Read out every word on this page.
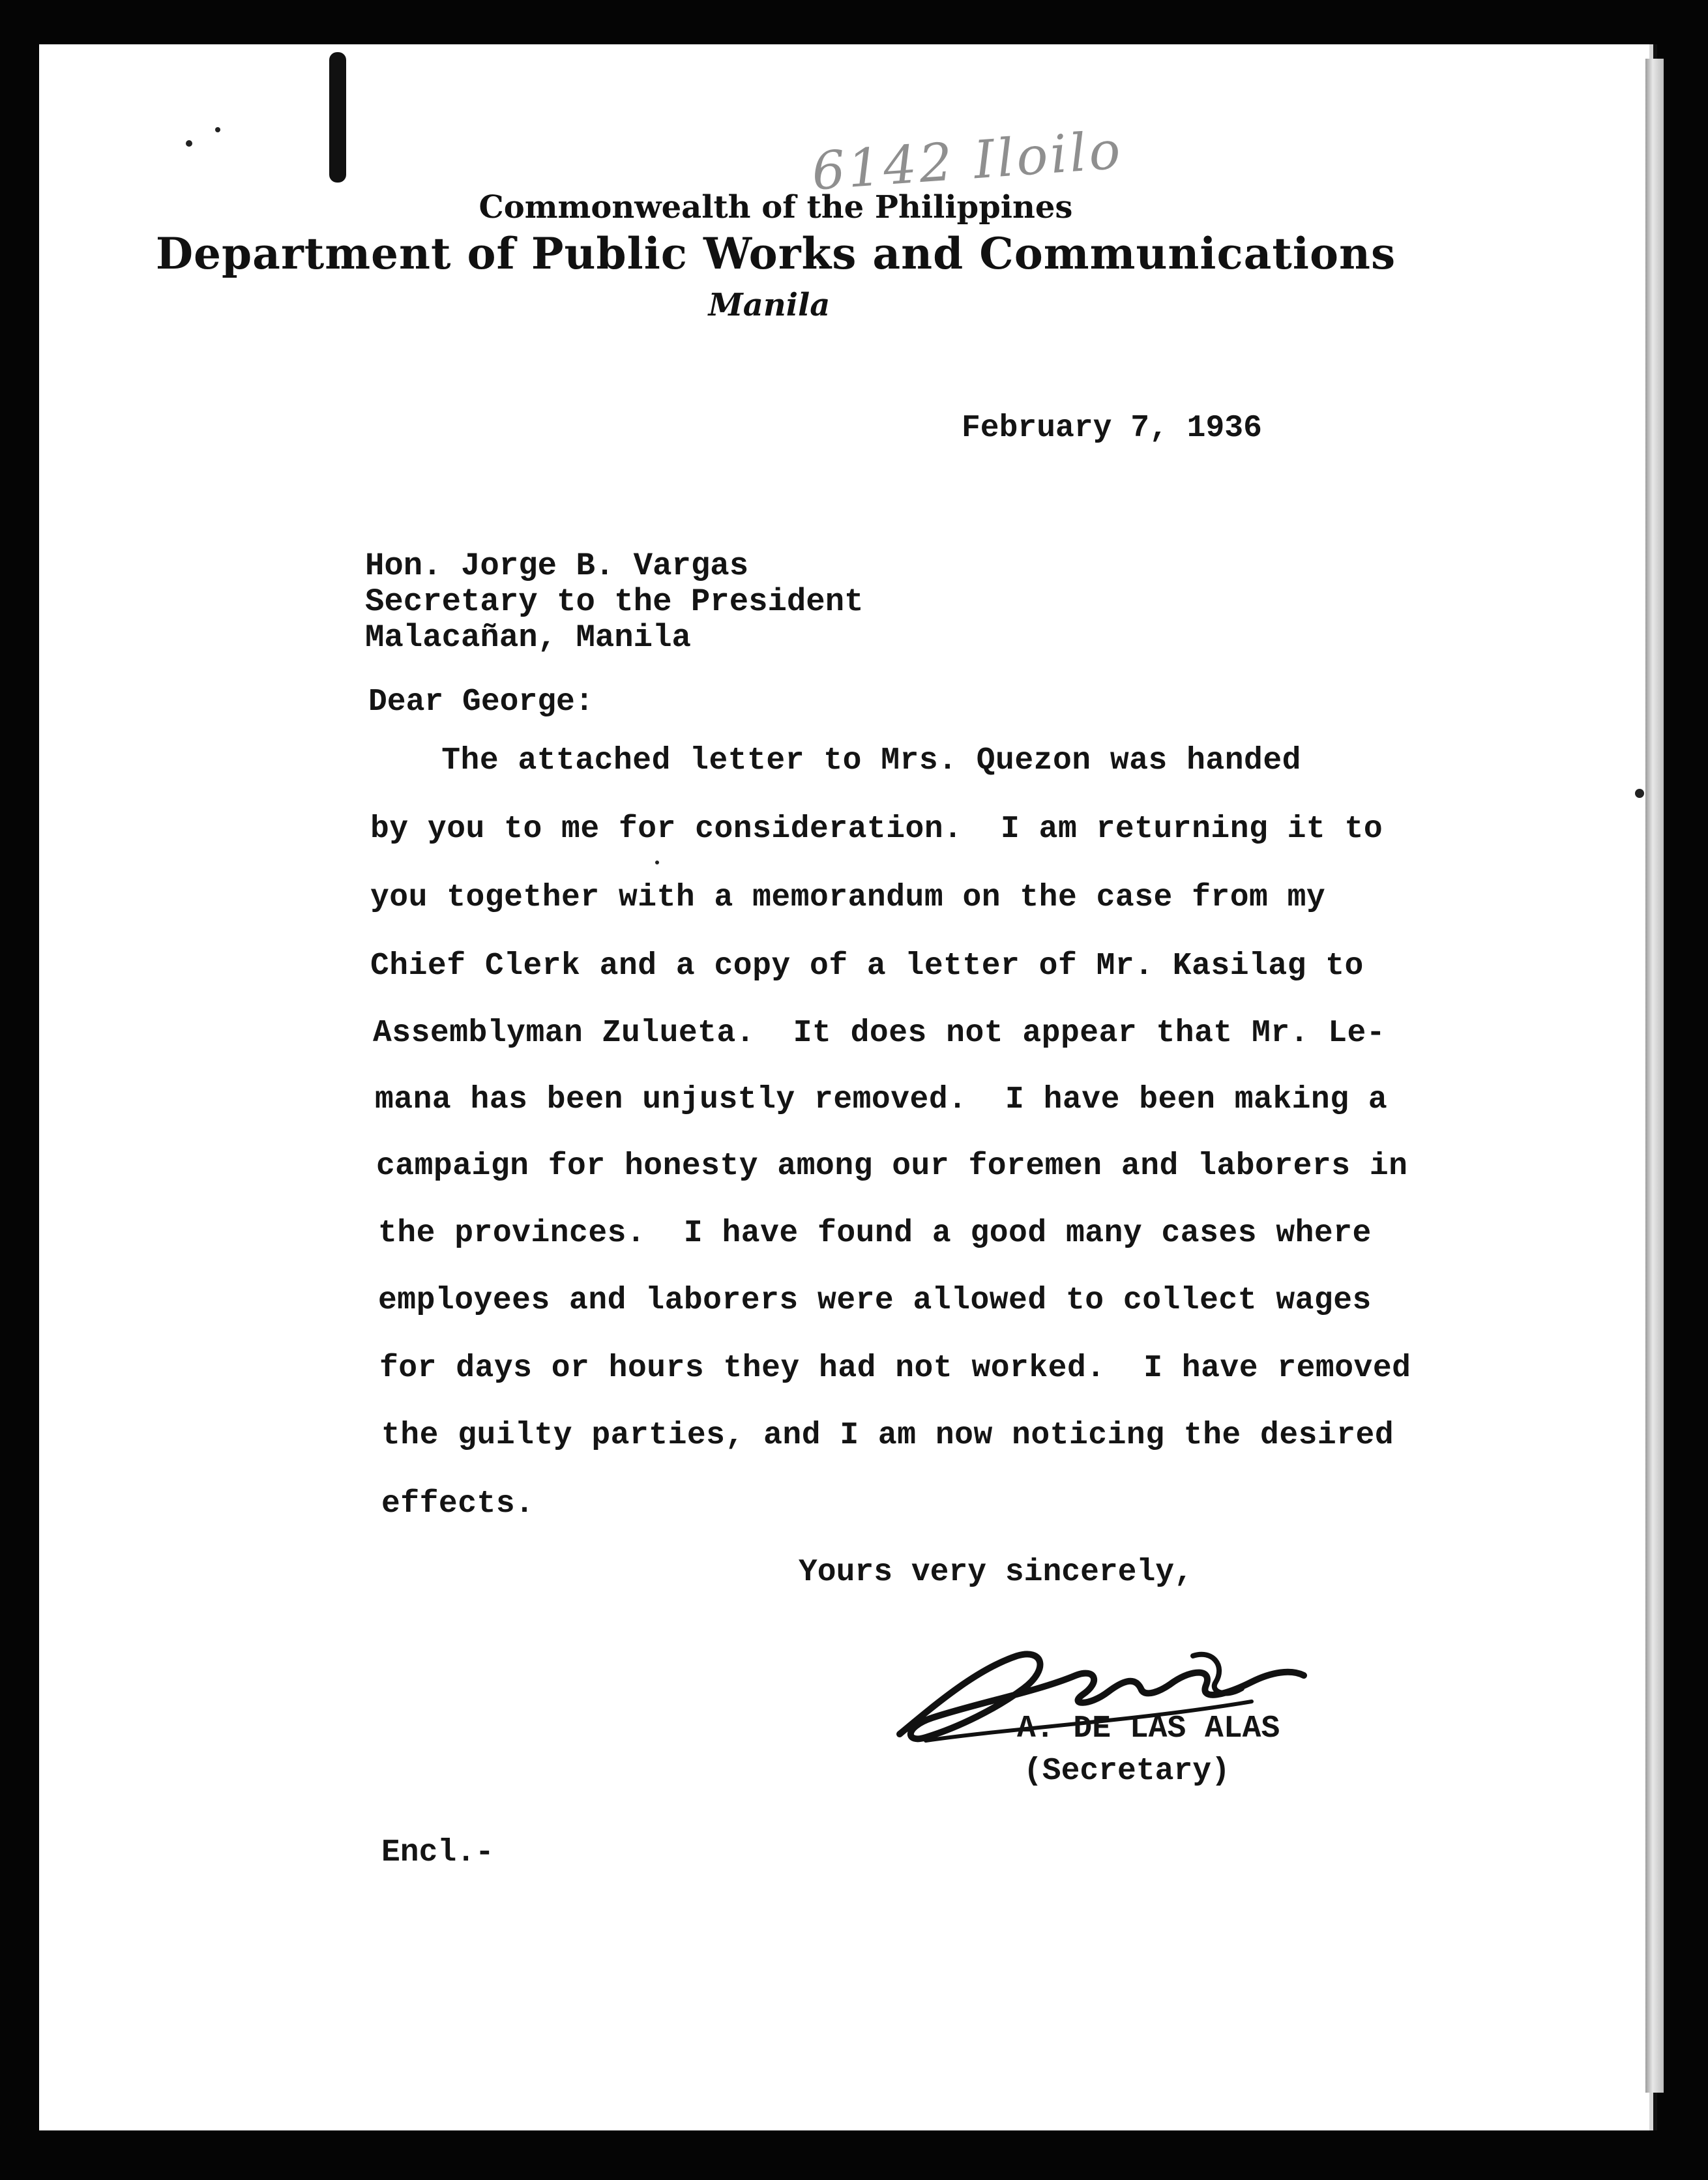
6142 Iloilo
Commonwealth of the Philippines
Department of Public Works and Communications
Manila
February 7, 1936
Hon. Jorge B. Vargas
Secretary to the President
Malacañan, Manila
Dear George:
The attached letter to Mrs. Quezon was handed
by you to me for consideration.  I am returning it to
you together with a memorandum on the case from my
Chief Clerk and a copy of a letter of Mr. Kasilag to
Assemblyman Zulueta.  It does not appear that Mr. Le-
mana has been unjustly removed.  I have been making a
campaign for honesty among our foremen and laborers in
the provinces.  I have found a good many cases where
employees and laborers were allowed to collect wages
for days or hours they had not worked.  I have removed
the guilty parties, and I am now noticing the desired
effects.
Yours very sincerely,
A. DE LAS ALAS
(Secretary)
Encl.-
